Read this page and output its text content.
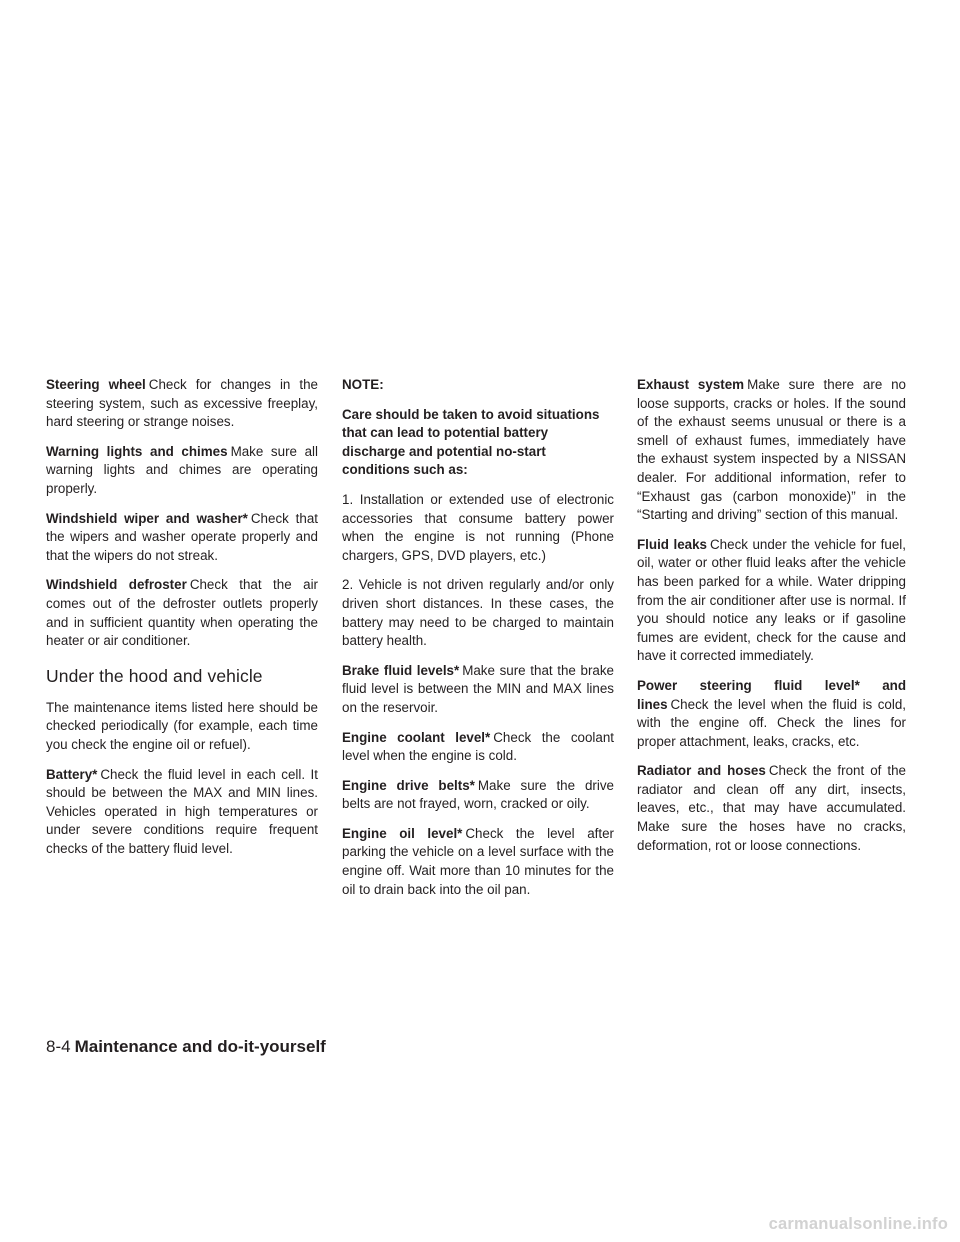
Steering wheel Check for changes in the steering system, such as excessive freeplay, hard steering or strange noises.

Warning lights and chimes Make sure all warning lights and chimes are operating properly.

Windshield wiper and washer* Check that the wipers and washer operate properly and that the wipers do not streak.

Windshield defroster Check that the air comes out of the defroster outlets properly and in sufficient quantity when operating the heater or air conditioner.

Under the hood and vehicle

The maintenance items listed here should be checked periodically (for example, each time you check the engine oil or refuel).

Battery* Check the fluid level in each cell. It should be between the MAX and MIN lines. Vehicles operated in high temperatures or under severe conditions require frequent checks of the battery fluid level.

NOTE:

Care should be taken to avoid situations that can lead to potential battery discharge and potential no-start conditions such as:

1. Installation or extended use of electronic accessories that consume battery power when the engine is not running (Phone chargers, GPS, DVD players, etc.)

2. Vehicle is not driven regularly and/or only driven short distances. In these cases, the battery may need to be charged to maintain battery health.

Brake fluid levels* Make sure that the brake fluid level is between the MIN and MAX lines on the reservoir.

Engine coolant level* Check the coolant level when the engine is cold.

Engine drive belts* Make sure the drive belts are not frayed, worn, cracked or oily.

Engine oil level* Check the level after parking the vehicle on a level surface with the engine off. Wait more than 10 minutes for the oil to drain back into the oil pan.

Exhaust system Make sure there are no loose supports, cracks or holes. If the sound of the exhaust seems unusual or there is a smell of exhaust fumes, immediately have the exhaust system inspected by a NISSAN dealer. For additional information, refer to “Exhaust gas (carbon monoxide)” in the “Starting and driving” section of this manual.

Fluid leaks Check under the vehicle for fuel, oil, water or other fluid leaks after the vehicle has been parked for a while. Water dripping from the air conditioner after use is normal. If you should notice any leaks or if gasoline fumes are evident, check for the cause and have it corrected immediately.

Power steering fluid level* and lines Check the level when the fluid is cold, with the engine off. Check the lines for proper attachment, leaks, cracks, etc.

Radiator and hoses Check the front of the radiator and clean off any dirt, insects, leaves, etc., that may have accumulated. Make sure the hoses have no cracks, deformation, rot or loose connections.

8-4 Maintenance and do-it-yourself
carmanualsonline.info
